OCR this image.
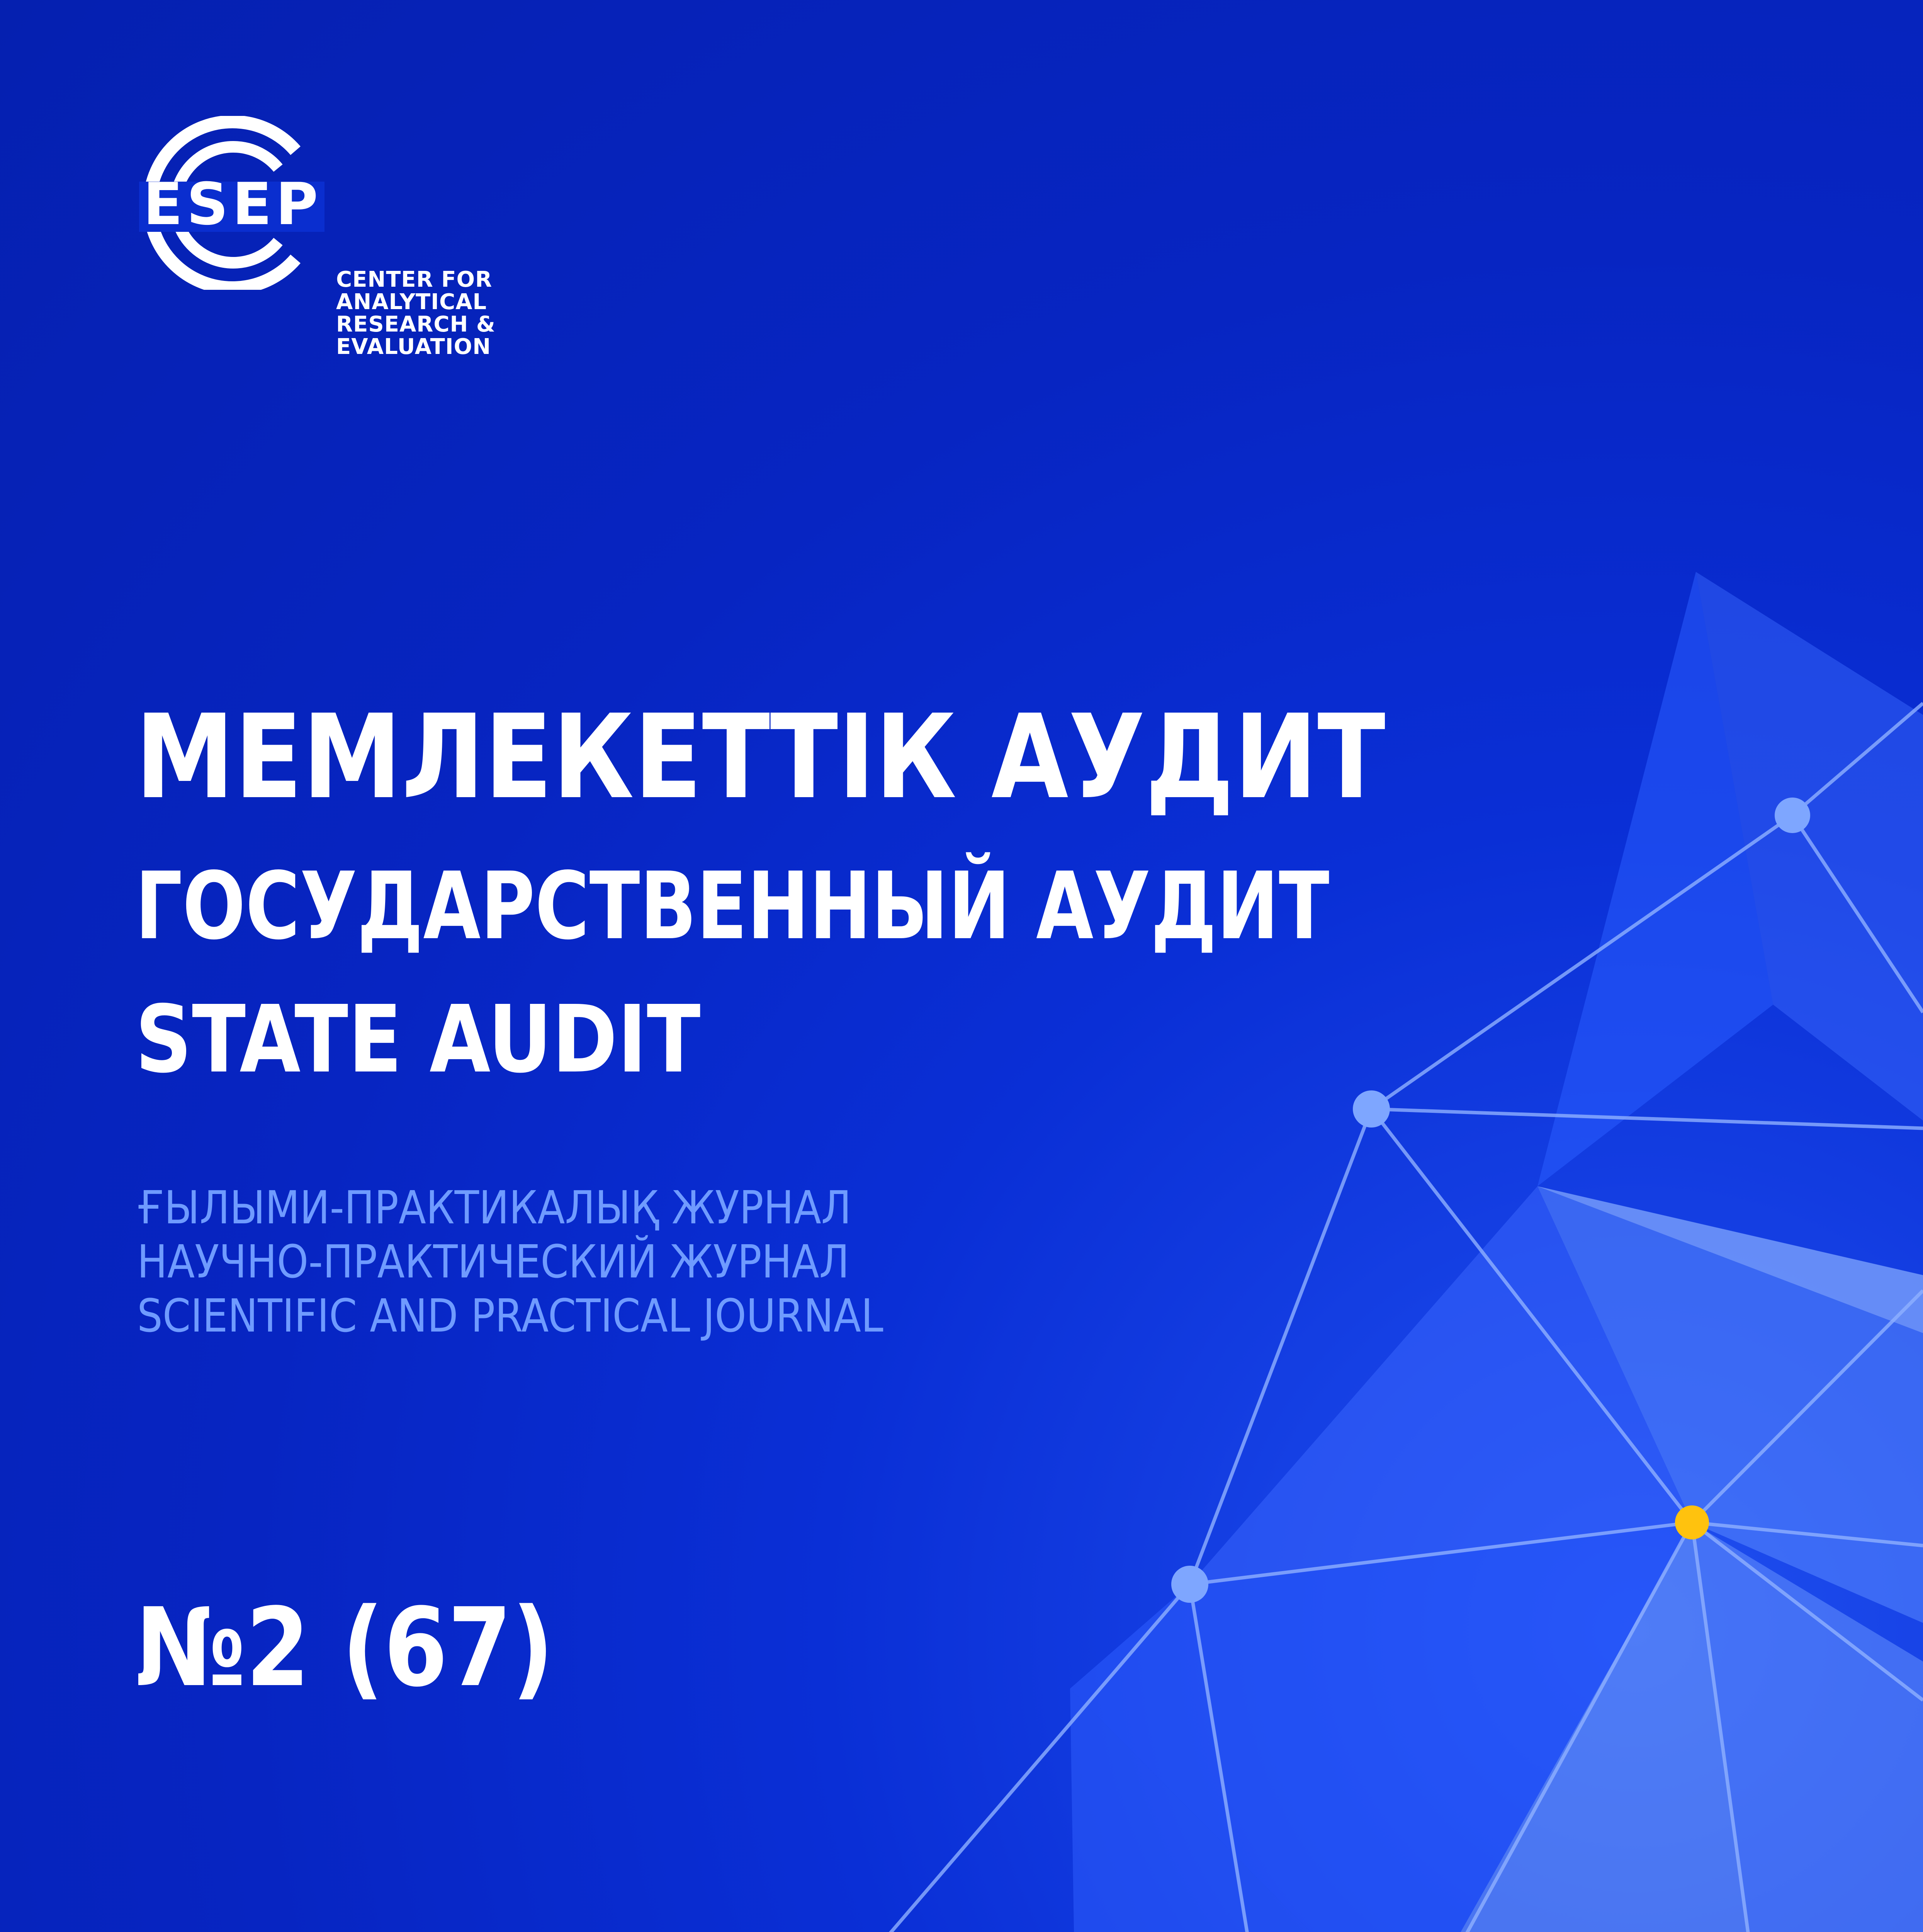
ESEP
CENTER FOR
ANALYTICAL
RESEARCH &
EVALUATION
МЕМЛЕКЕТТІК АУДИТ
ГОСУДАРСТВЕННЫЙ АУДИТ
STATE AUDIT
ҒЫЛЫМИ-ПРАКТИКАЛЫҚ ЖУРНАЛ
НАУЧНО-ПРАКТИЧЕСКИЙ ЖУРНАЛ
SCIENTIFIC AND PRACTICAL JOURNAL
№2 (67)
